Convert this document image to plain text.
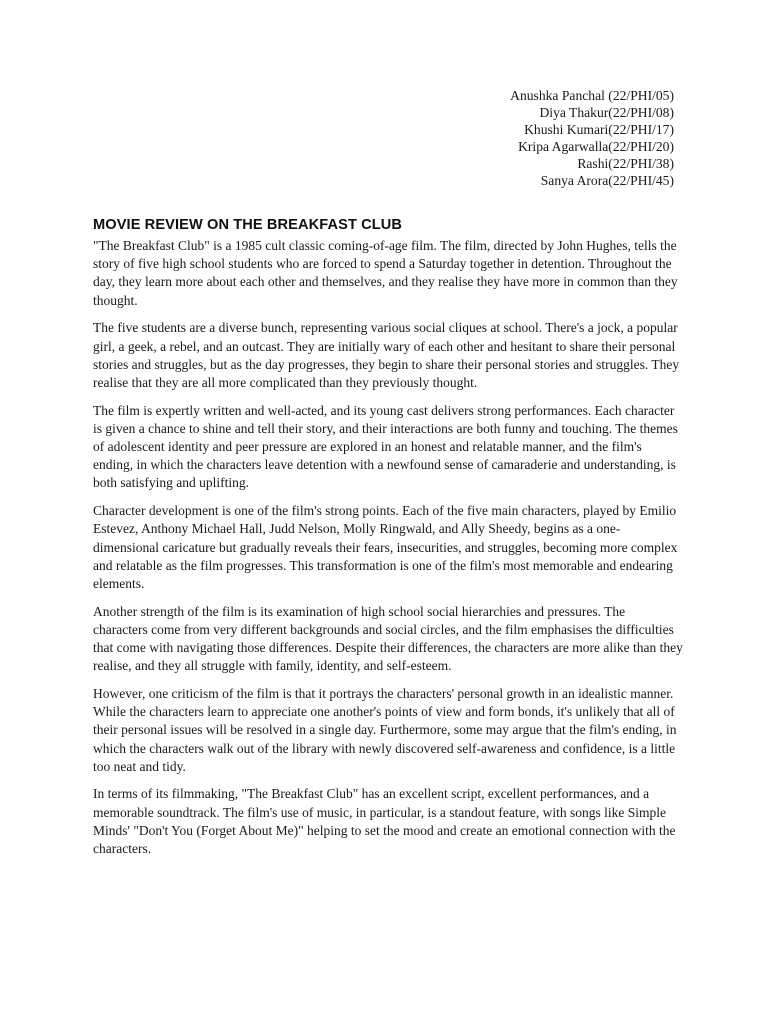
Anushka Panchal (22/PHI/05)
Diya Thakur(22/PHI/08)
Khushi Kumari(22/PHI/17)
Kripa Agarwalla(22/PHI/20)
Rashi(22/PHI/38)
Sanya Arora(22/PHI/45)
MOVIE REVIEW ON THE BREAKFAST CLUB

"The Breakfast Club" is a 1985 cult classic coming-of-age film. The film, directed by John Hughes, tells the story of five high school students who are forced to spend a Saturday together in detention. Throughout the day, they learn more about each other and themselves, and they realise they have more in common than they thought.

The five students are a diverse bunch, representing various social cliques at school. There's a jock, a popular girl, a geek, a rebel, and an outcast. They are initially wary of each other and hesitant to share their personal stories and struggles, but as the day progresses, they begin to share their personal stories and struggles. They realise that they are all more complicated than they previously thought.

The film is expertly written and well-acted, and its young cast delivers strong performances. Each character is given a chance to shine and tell their story, and their interactions are both funny and touching. The themes of adolescent identity and peer pressure are explored in an honest and relatable manner, and the film's ending, in which the characters leave detention with a newfound sense of camaraderie and understanding, is both satisfying and uplifting.

Character development is one of the film's strong points. Each of the five main characters, played by Emilio Estevez, Anthony Michael Hall, Judd Nelson, Molly Ringwald, and Ally Sheedy, begins as a one-dimensional caricature but gradually reveals their fears, insecurities, and struggles, becoming more complex and relatable as the film progresses. This transformation is one of the film's most memorable and endearing elements.

Another strength of the film is its examination of high school social hierarchies and pressures. The characters come from very different backgrounds and social circles, and the film emphasises the difficulties that come with navigating those differences. Despite their differences, the characters are more alike than they realise, and they all struggle with family, identity, and self-esteem.

However, one criticism of the film is that it portrays the characters' personal growth in an idealistic manner. While the characters learn to appreciate one another's points of view and form bonds, it's unlikely that all of their personal issues will be resolved in a single day. Furthermore, some may argue that the film's ending, in which the characters walk out of the library with newly discovered self-awareness and confidence, is a little too neat and tidy.

In terms of its filmmaking, "The Breakfast Club" has an excellent script, excellent performances, and a memorable soundtrack. The film's use of music, in particular, is a standout feature, with songs like Simple Minds' "Don't You (Forget About Me)" helping to set the mood and create an emotional connection with the characters.
